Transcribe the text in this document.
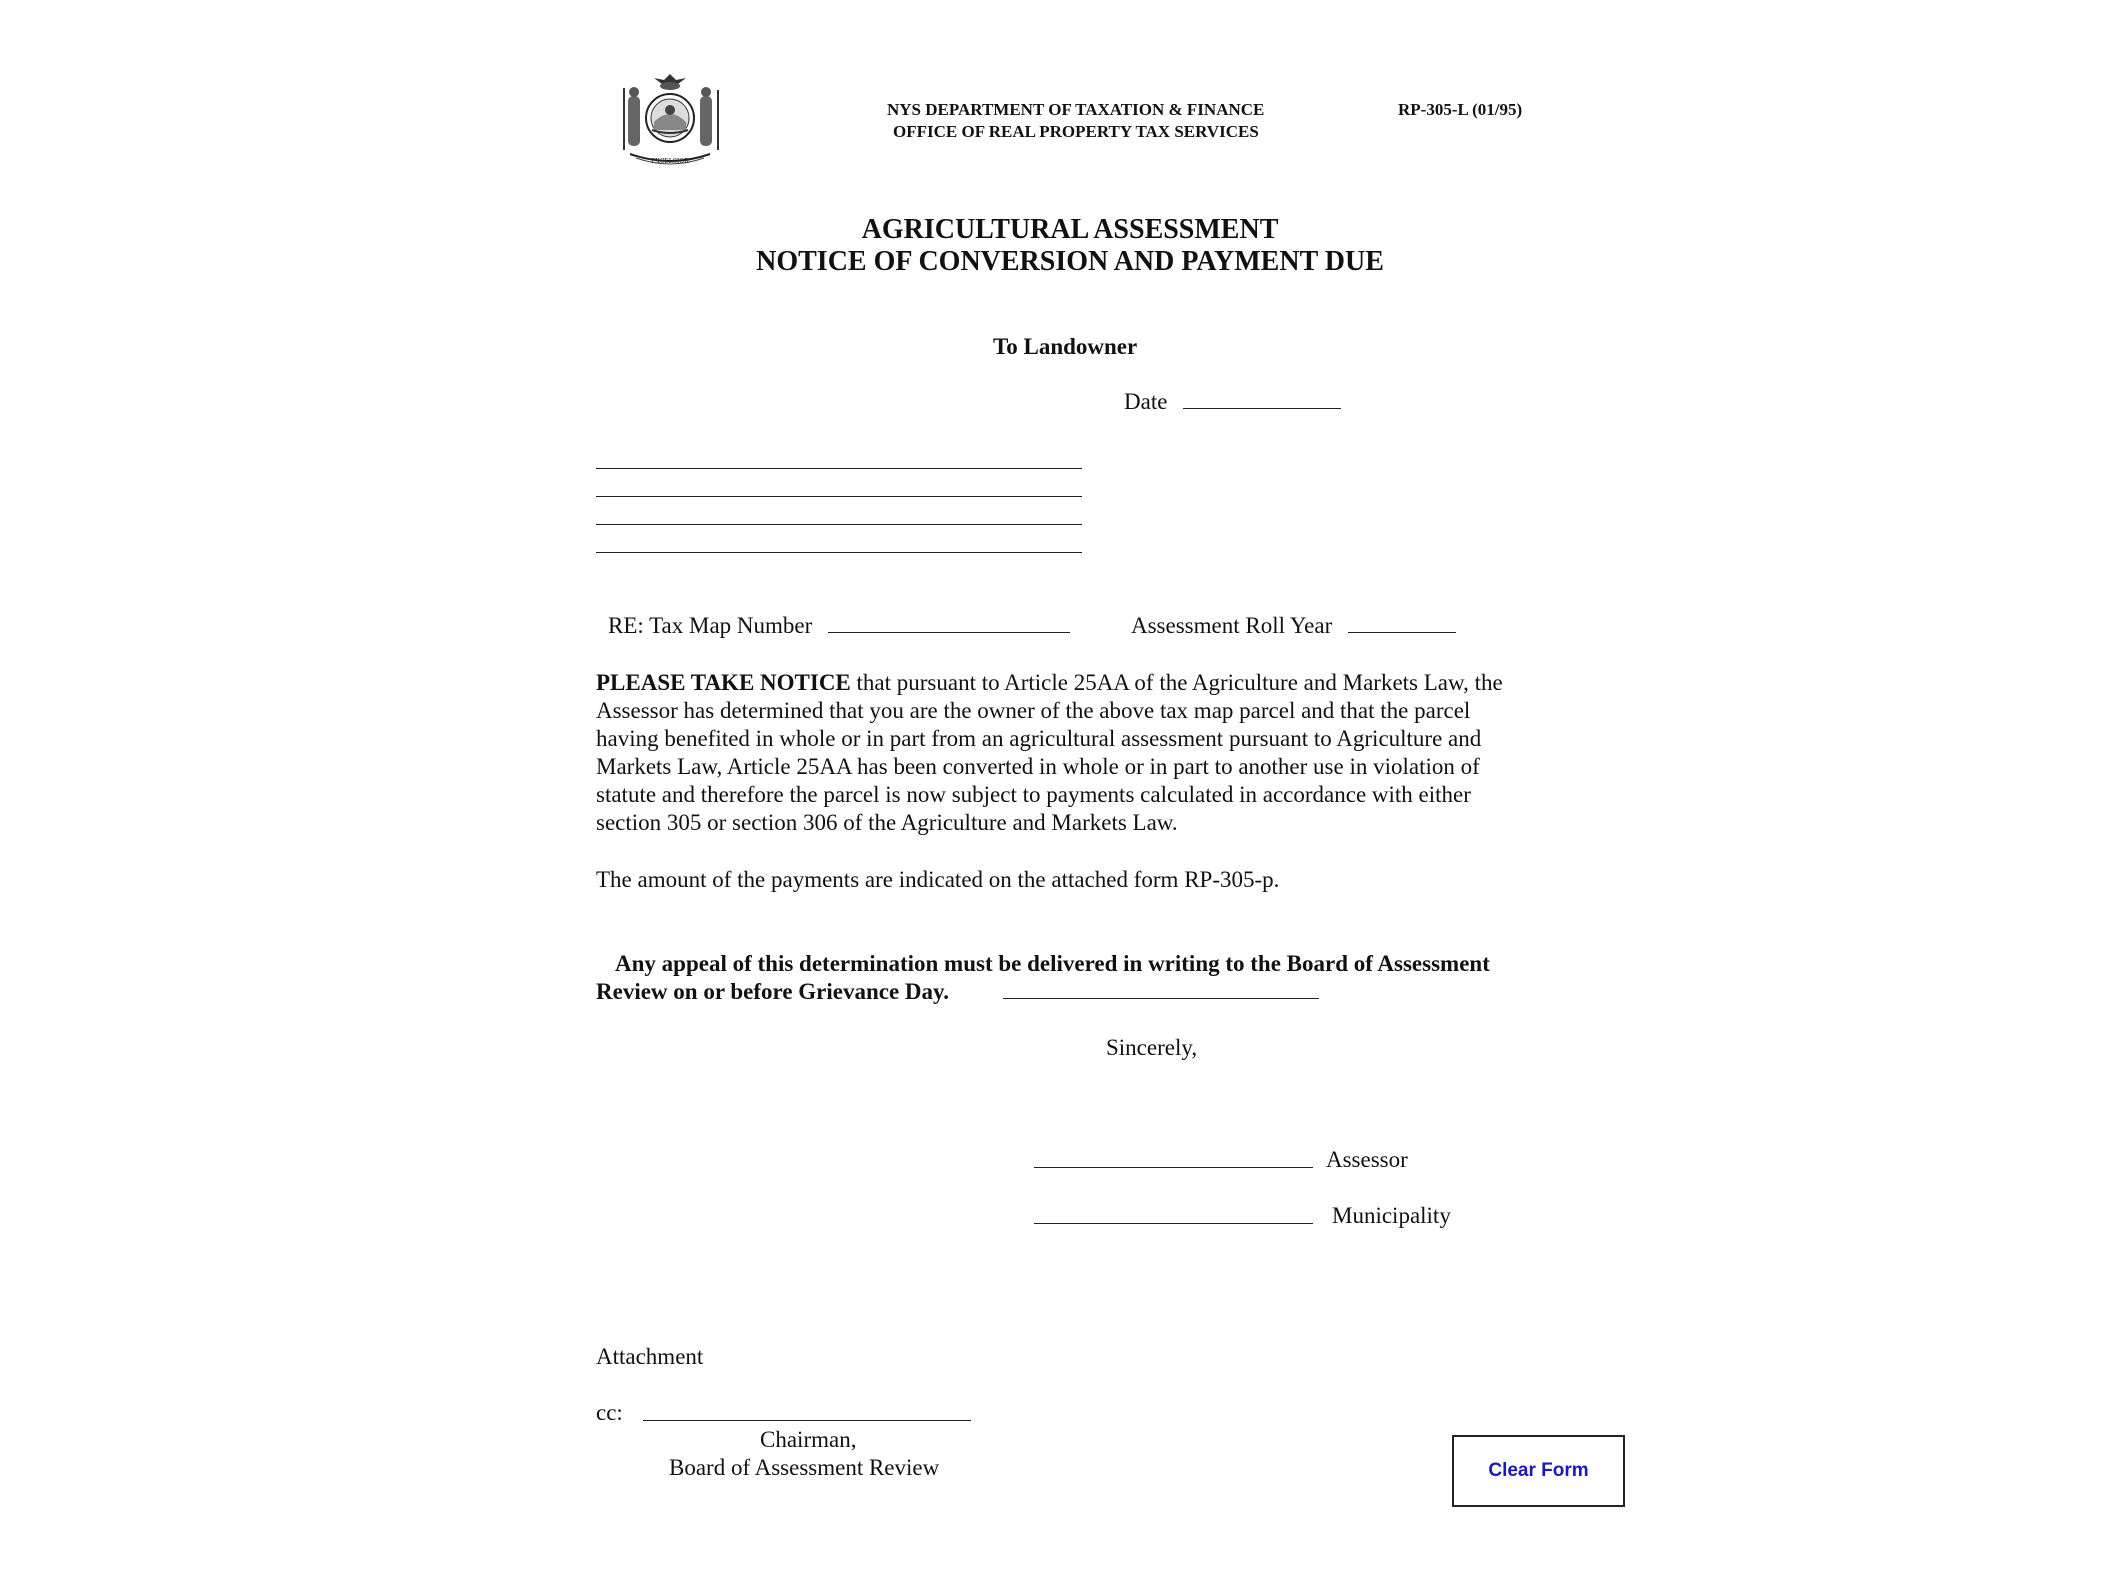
EXCELSIOR
NYS DEPARTMENT OF TAXATION & FINANCE
OFFICE OF REAL PROPERTY TAX SERVICES
RP-305-L (01/95)
AGRICULTURAL ASSESSMENT
NOTICE OF CONVERSION AND PAYMENT DUE
To Landowner
Date
RE: Tax Map Number	Assessment Roll Year
PLEASE TAKE NOTICE that pursuant to Article 25AA of the Agriculture and Markets Law, the Assessor has determined that you are the owner of the above tax map parcel and that the parcel having benefited in whole or in part from an agricultural assessment pursuant to Agriculture and Markets Law, Article 25AA has been converted in whole or in part to another use in violation of statute and therefore the parcel is now subject to payments calculated in accordance with either section 305 or section 306 of the Agriculture and Markets Law.
The amount of the payments are indicated on the attached form RP-305-p.
Any appeal of this determination must be delivered in writing to the Board of Assessment
Review on or before Grievance Day.
Sincerely,
Assessor
Municipality
Attachment
cc:
Chairman,
Board of Assessment Review	Clear Form
